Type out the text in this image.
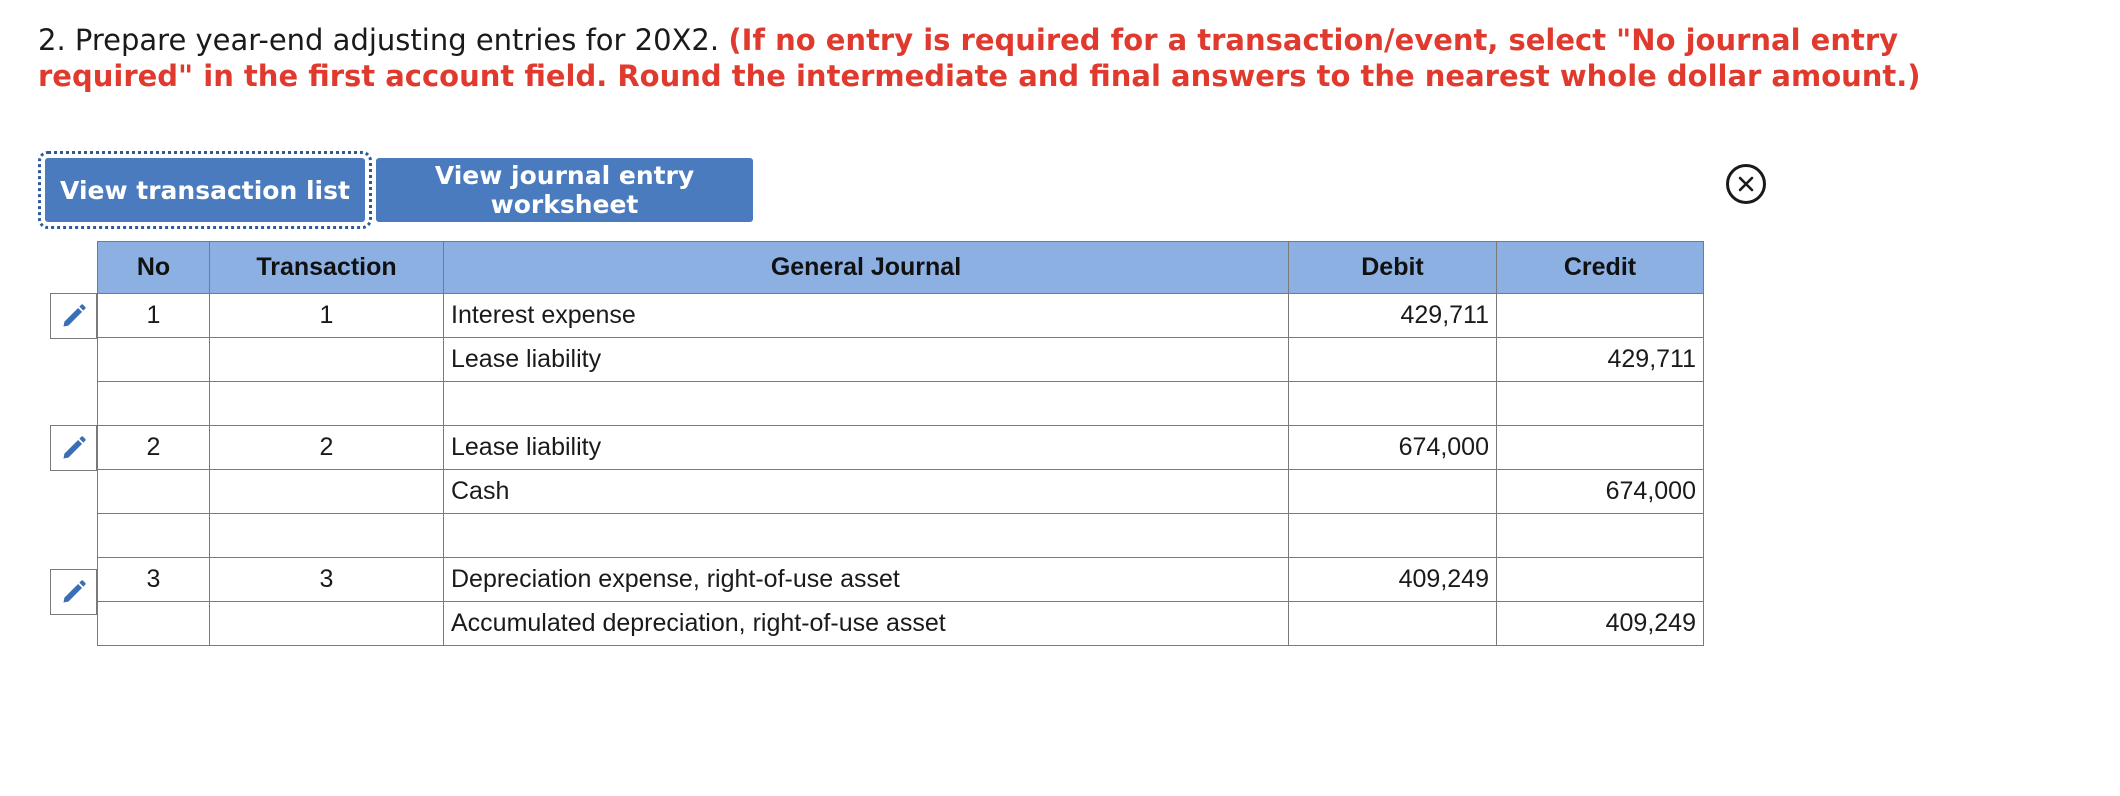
2. Prepare year-end adjusting entries for 20X2. (If no entry is required for a transaction/event, select "No journal entry required" in the first account field. Round the intermediate and final answers to the nearest whole dollar amount.)
View transaction list	View journal entry worksheet
No	Transaction	General Journal	Debit	Credit
1	1	Interest expense	429,711	
		Lease liability		429,711

2	2	Lease liability	674,000	
		Cash		674,000

3	3	Depreciation expense, right-of-use asset	409,249	
		Accumulated depreciation, right-of-use asset		409,249
